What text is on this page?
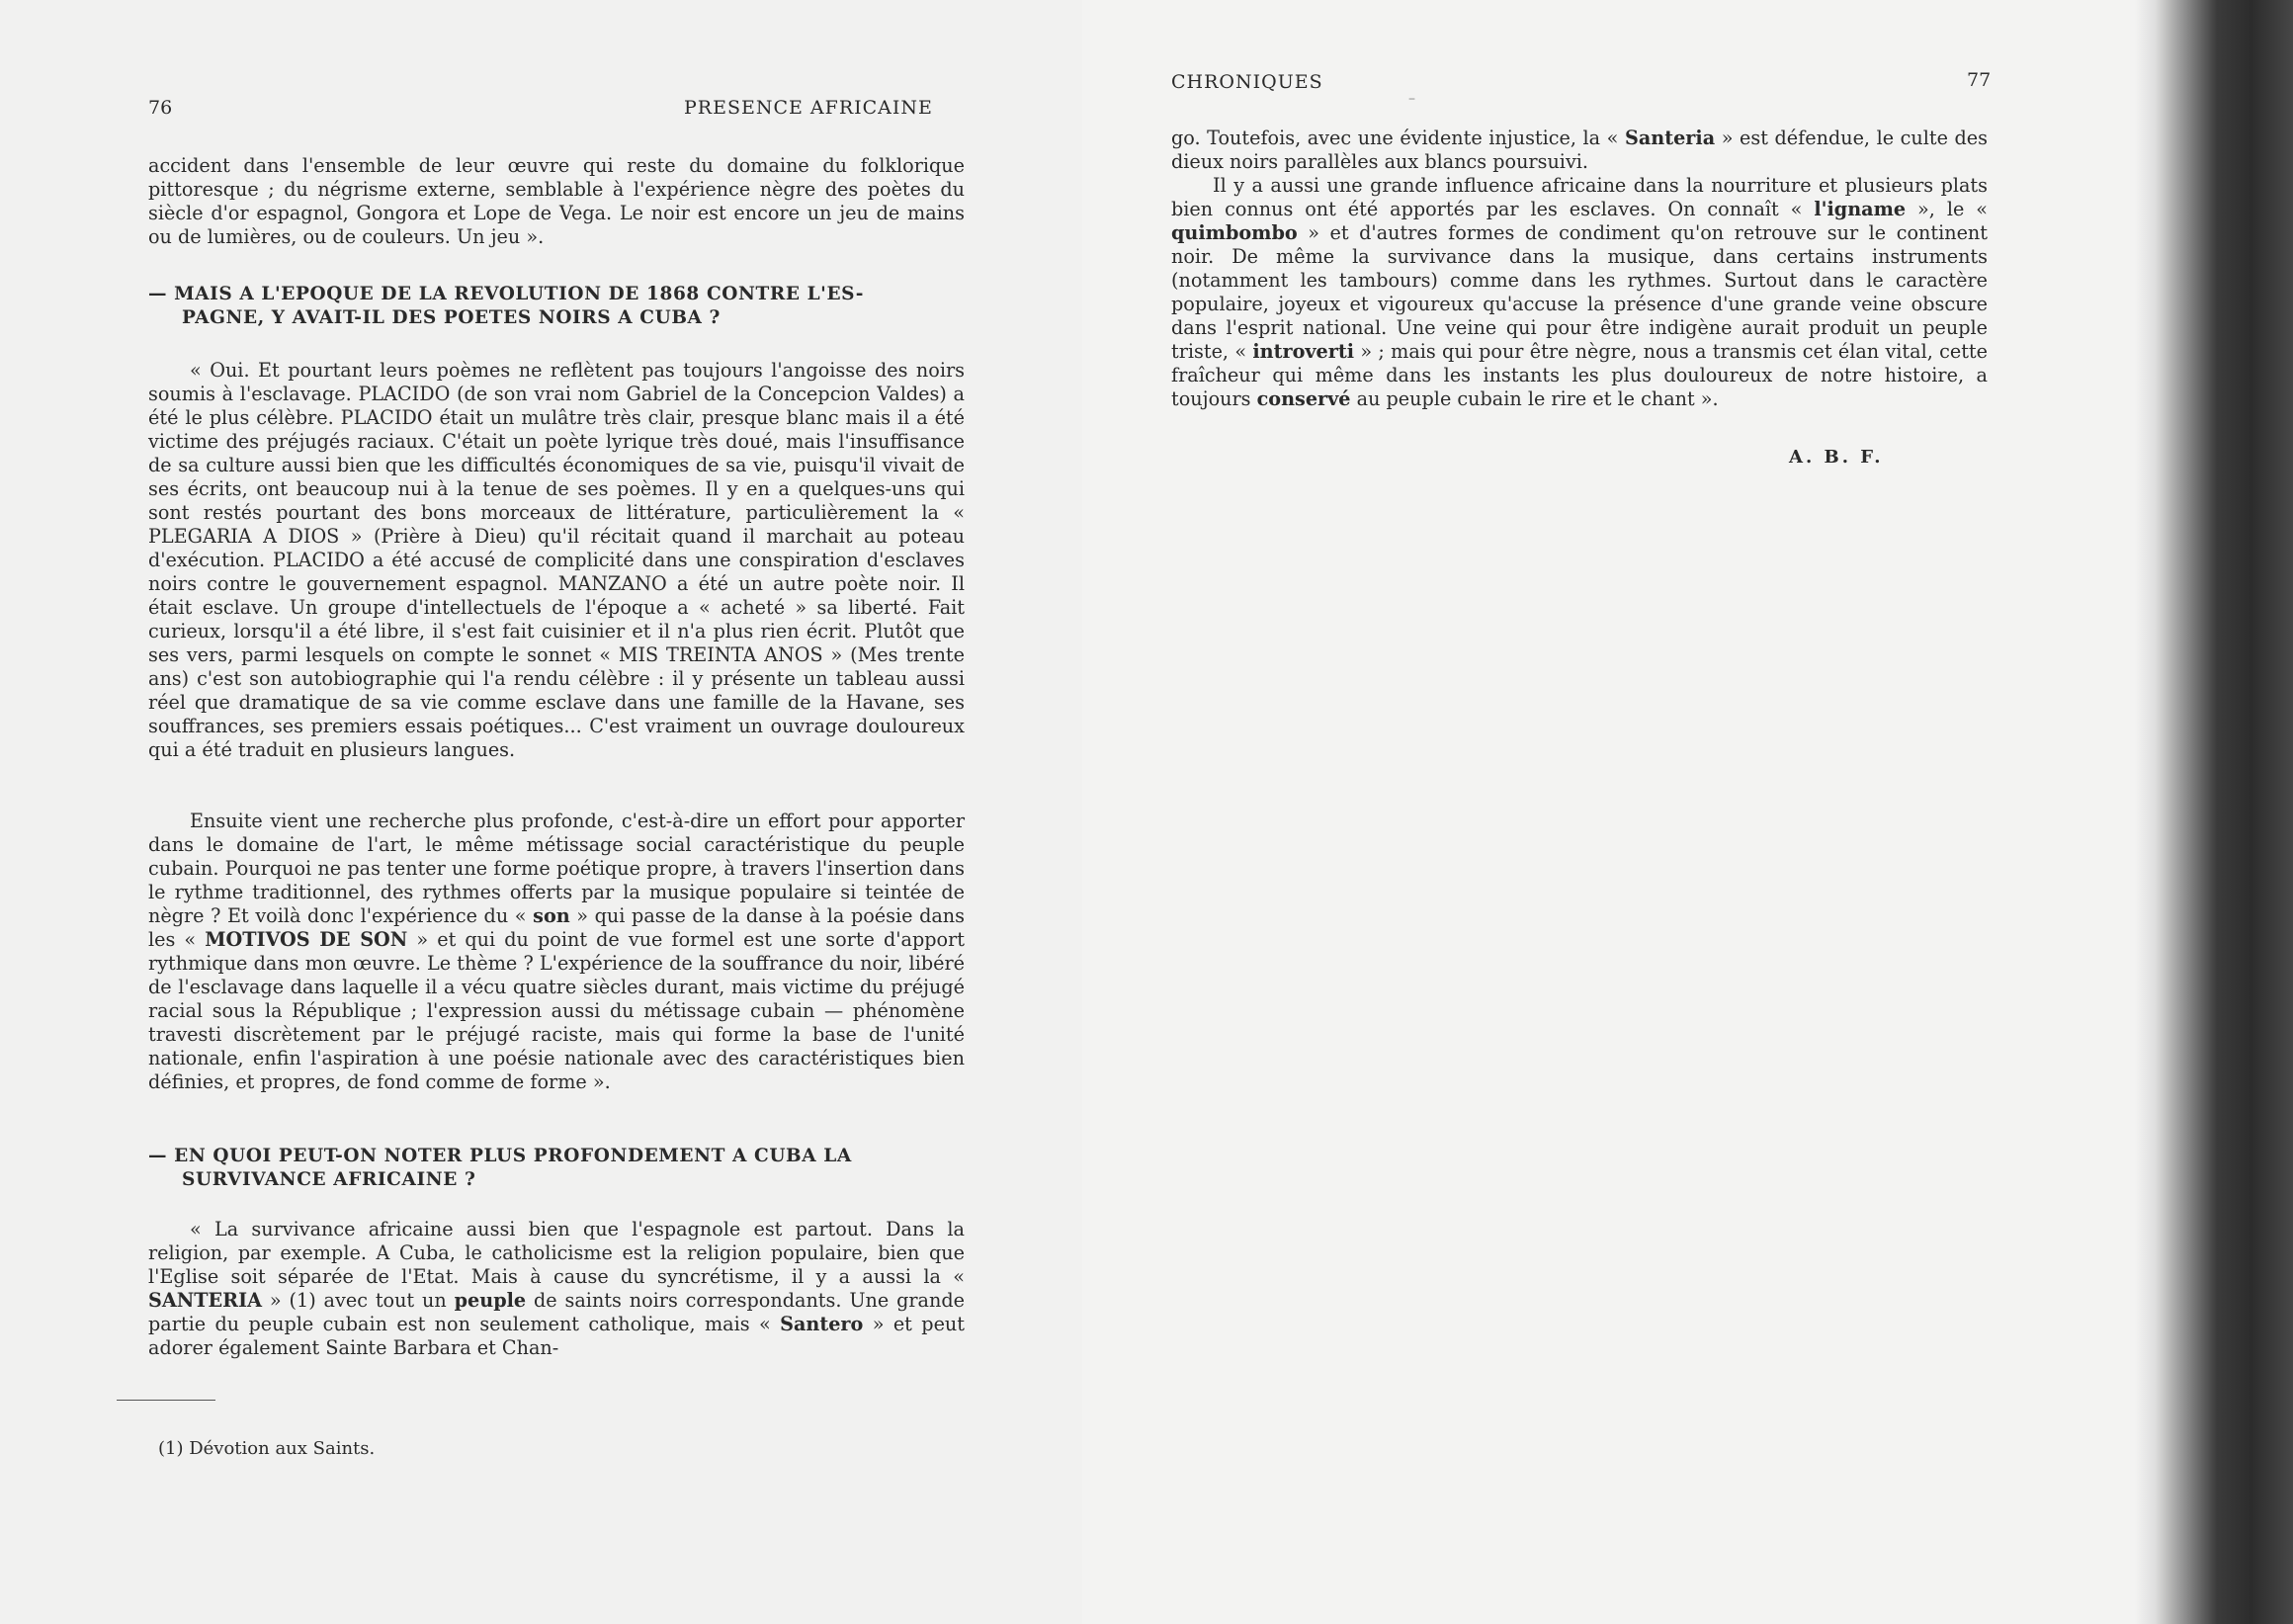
76	PRESENCE AFRICAINE

accident dans l'ensemble de leur œuvre qui reste du domaine du folklorique pittoresque ; du négrisme externe, semblable à l'expérience nègre des poètes du siècle d'or espagnol, Gongora et Lope de Vega. Le noir est encore un jeu de mains ou de lumières, ou de couleurs. Un jeu ».

— MAIS A L'EPOQUE DE LA REVOLUTION DE 1868 CONTRE L'ES-
PAGNE, Y AVAIT-IL DES POETES NOIRS A CUBA ?

« Oui. Et pourtant leurs poèmes ne reflètent pas toujours l'angoisse des noirs soumis à l'esclavage. PLACIDO (de son vrai nom Gabriel de la Concepcion Valdes) a été le plus célèbre. PLACIDO était un mulâtre très clair, presque blanc mais il a été victime des préjugés raciaux. C'était un poète lyrique très doué, mais l'insuffisance de sa culture aussi bien que les difficultés économiques de sa vie, puisqu'il vivait de ses écrits, ont beaucoup nui à la tenue de ses poèmes. Il y en a quelques-uns qui sont restés pourtant des bons morceaux de littérature, particulièrement la « PLEGARIA A DIOS » (Prière à Dieu) qu'il récitait quand il marchait au poteau d'exécution. PLACIDO a été accusé de complicité dans une conspiration d'esclaves noirs contre le gouvernement espagnol. MANZANO a été un autre poète noir. Il était esclave. Un groupe d'intellectuels de l'époque a « acheté » sa liberté. Fait curieux, lorsqu'il a été libre, il s'est fait cuisinier et il n'a plus rien écrit. Plutôt que ses vers, parmi lesquels on compte le sonnet « MIS TREINTA ANOS » (Mes trente ans) c'est son autobiographie qui l'a rendu célèbre : il y présente un tableau aussi réel que dramatique de sa vie comme esclave dans une famille de la Havane, ses souffrances, ses premiers essais poétiques... C'est vraiment un ouvrage douloureux qui a été traduit en plusieurs langues.

Ensuite vient une recherche plus profonde, c'est-à-dire un effort pour apporter dans le domaine de l'art, le même métissage social caractéristique du peuple cubain. Pourquoi ne pas tenter une forme poétique propre, à travers l'insertion dans le rythme traditionnel, des rythmes offerts par la musique populaire si teintée de nègre ? Et voilà donc l'expérience du « son » qui passe de la danse à la poésie dans les « MOTIVOS DE SON » et qui du point de vue formel est une sorte d'apport rythmique dans mon œuvre. Le thème ? L'expérience de la souffrance du noir, libéré de l'esclavage dans laquelle il a vécu quatre siècles durant, mais victime du préjugé racial sous la République ; l'expression aussi du métissage cubain — phénomène travesti discrètement par le préjugé raciste, mais qui forme la base de l'unité nationale, enfin l'aspiration à une poésie nationale avec des caractéristiques bien définies, et propres, de fond comme de forme ».

— EN QUOI PEUT-ON NOTER PLUS PROFONDEMENT A CUBA LA
SURVIVANCE AFRICAINE ?

« La survivance africaine aussi bien que l'espagnole est partout. Dans la religion, par exemple. A Cuba, le catholicisme est la religion populaire, bien que l'Eglise soit séparée de l'Etat. Mais à cause du syncrétisme, il y a aussi la « SANTERIA » (1) avec tout un peuple de saints noirs correspondants. Une grande partie du peuple cubain est non seulement catholique, mais « Santero » et peut adorer également Sainte Barbara et Chan-

(1) Dévotion aux Saints.
CHRONIQUES	77
–

go. Toutefois, avec une évidente injustice, la « Santeria » est défendue, le culte des dieux noirs parallèles aux blancs poursuivi.

Il y a aussi une grande influence africaine dans la nourriture et plusieurs plats bien connus ont été apportés par les esclaves. On connaît « l'igname », le « quimbombo » et d'autres formes de condiment qu'on retrouve sur le continent noir. De même la survivance dans la musique, dans certains instruments (notamment les tambours) comme dans les rythmes. Surtout dans le caractère populaire, joyeux et vigoureux qu'accuse la présence d'une grande veine obscure dans l'esprit national. Une veine qui pour être indigène aurait produit un peuple triste, « introverti » ; mais qui pour être nègre, nous a transmis cet élan vital, cette fraîcheur qui même dans les instants les plus douloureux de notre histoire, a toujours conservé au peuple cubain le rire et le chant ».

A. B. F.
